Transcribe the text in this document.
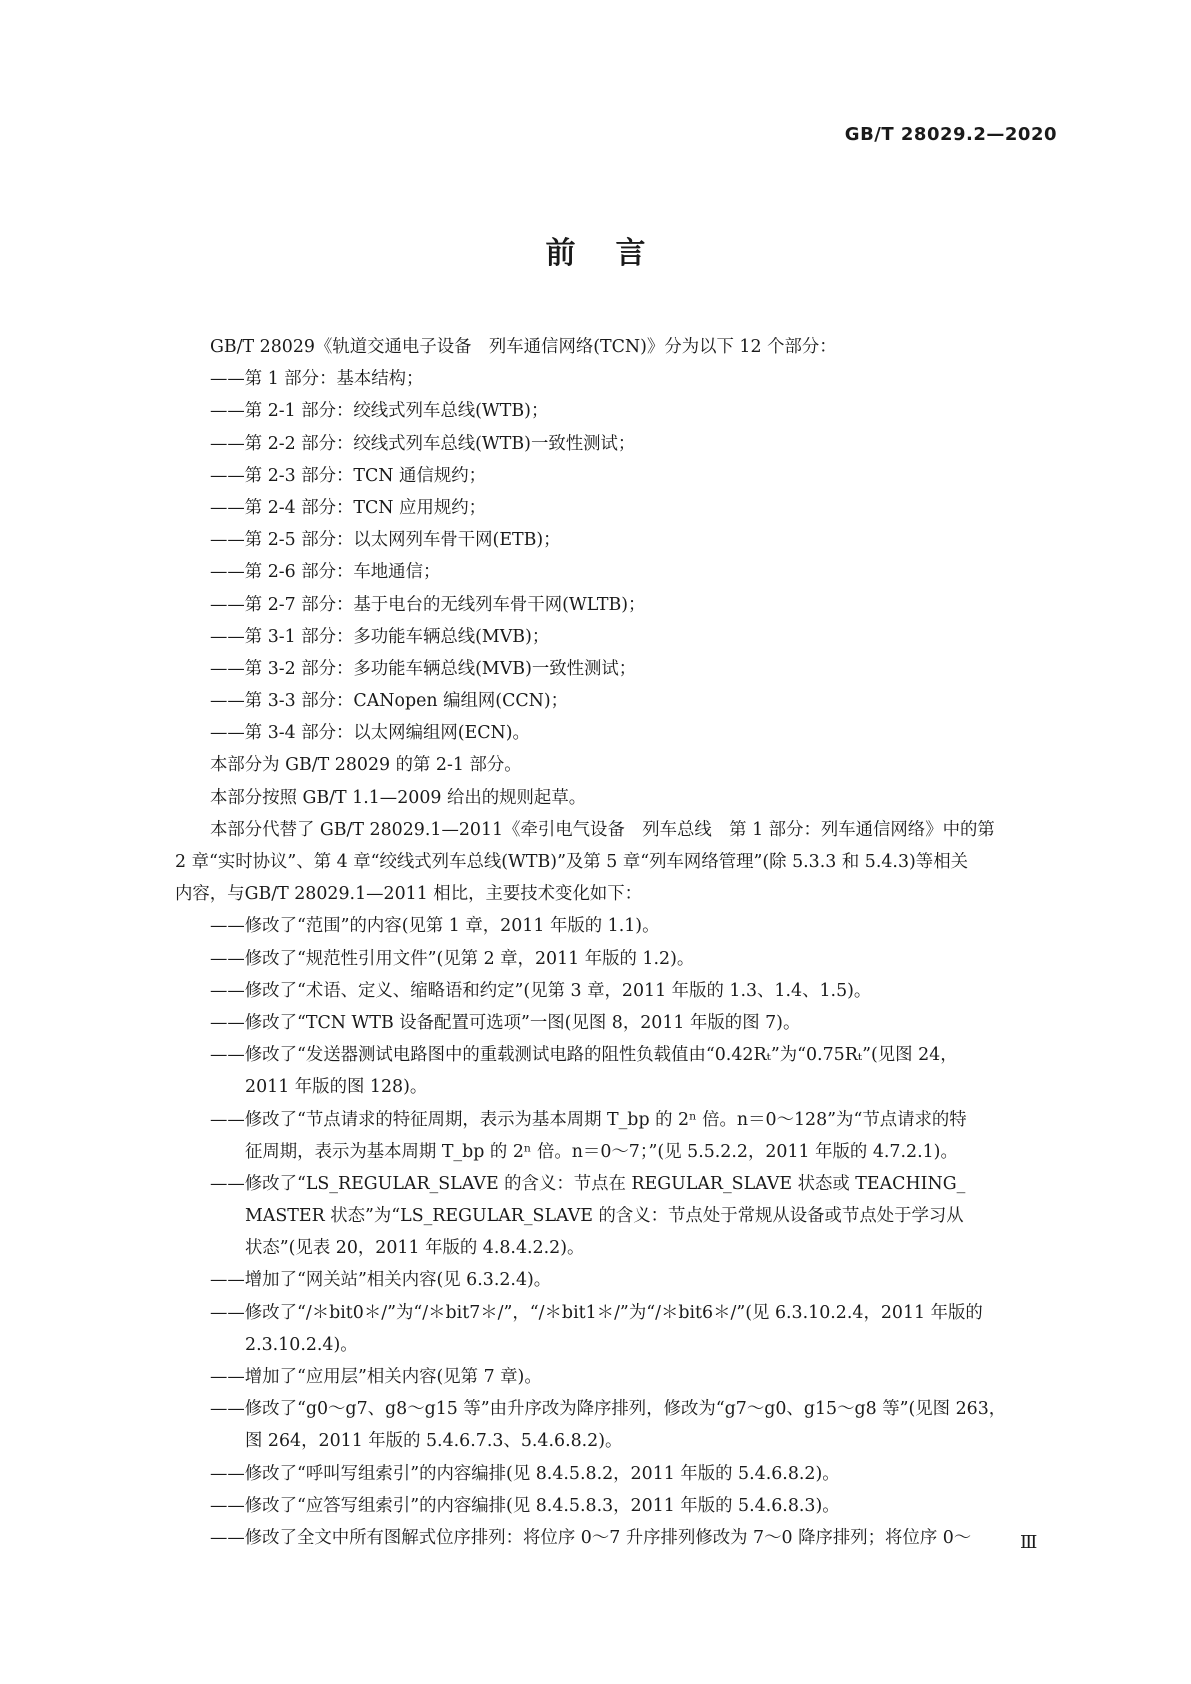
GB/T 28029.2—2020
前言
GB/T 28029《轨道交通电子设备　列车通信网络(TCN)》分为以下 12 个部分：
——第 1 部分：基本结构；
——第 2-1 部分：绞线式列车总线(WTB)；
——第 2-2 部分：绞线式列车总线(WTB)一致性测试；
——第 2-3 部分：TCN 通信规约；
——第 2-4 部分：TCN 应用规约；
——第 2-5 部分：以太网列车骨干网(ETB)；
——第 2-6 部分：车地通信；
——第 2-7 部分：基于电台的无线列车骨干网(WLTB)；
——第 3-1 部分：多功能车辆总线(MVB)；
——第 3-2 部分：多功能车辆总线(MVB)一致性测试；
——第 3-3 部分：CANopen 编组网(CCN)；
——第 3-4 部分：以太网编组网(ECN)。
本部分为 GB/T 28029 的第 2-1 部分。
本部分按照 GB/T 1.1—2009 给出的规则起草。
本部分代替了 GB/T 28029.1—2011《牵引电气设备　列车总线　第 1 部分：列车通信网络》中的第
2 章“实时协议”、第 4 章“绞线式列车总线(WTB)”及第 5 章“列车网络管理”(除 5.3.3 和 5.4.3)等相关
内容，与GB/T 28029.1—2011 相比，主要技术变化如下：
——修改了“范围”的内容(见第 1 章，2011 年版的 1.1)。
——修改了“规范性引用文件”(见第 2 章，2011 年版的 1.2)。
——修改了“术语、定义、缩略语和约定”(见第 3 章，2011 年版的 1.3、1.4、1.5)。
——修改了“TCN WTB 设备配置可选项”一图(见图 8，2011 年版的图 7)。
——修改了“发送器测试电路图中的重载测试电路的阻性负载值由“0.42Rₜ”为“0.75Rₜ”(见图 24，
2011 年版的图 128)。
——修改了“节点请求的特征周期，表示为基本周期 T_bp 的 2ⁿ 倍。n＝0～128”为“节点请求的特
征周期，表示为基本周期 T_bp 的 2ⁿ 倍。n＝0～7；”(见 5.5.2.2，2011 年版的 4.7.2.1)。
——修改了“LS_REGULAR_SLAVE 的含义：节点在 REGULAR_SLAVE 状态或 TEACHING_
MASTER 状态”为“LS_REGULAR_SLAVE 的含义：节点处于常规从设备或节点处于学习从
状态”(见表 20，2011 年版的 4.8.4.2.2)。
——增加了“网关站”相关内容(见 6.3.2.4)。
——修改了“/＊bit0＊/”为“/＊bit7＊/”，“/＊bit1＊/”为“/＊bit6＊/”(见 6.3.10.2.4，2011 年版的
2.3.10.2.4)。
——增加了“应用层”相关内容(见第 7 章)。
——修改了“g0～g7、g8～g15 等”由升序改为降序排列，修改为“g7～g0、g15～g8 等”(见图 263，
图 264，2011 年版的 5.4.6.7.3、5.4.6.8.2)。
——修改了“呼叫写组索引”的内容编排(见 8.4.5.8.2，2011 年版的 5.4.6.8.2)。
——修改了“应答写组索引”的内容编排(见 8.4.5.8.3，2011 年版的 5.4.6.8.3)。
——修改了全文中所有图解式位序排列：将位序 0～7 升序排列修改为 7～0 降序排列；将位序 0～	Ⅲ
